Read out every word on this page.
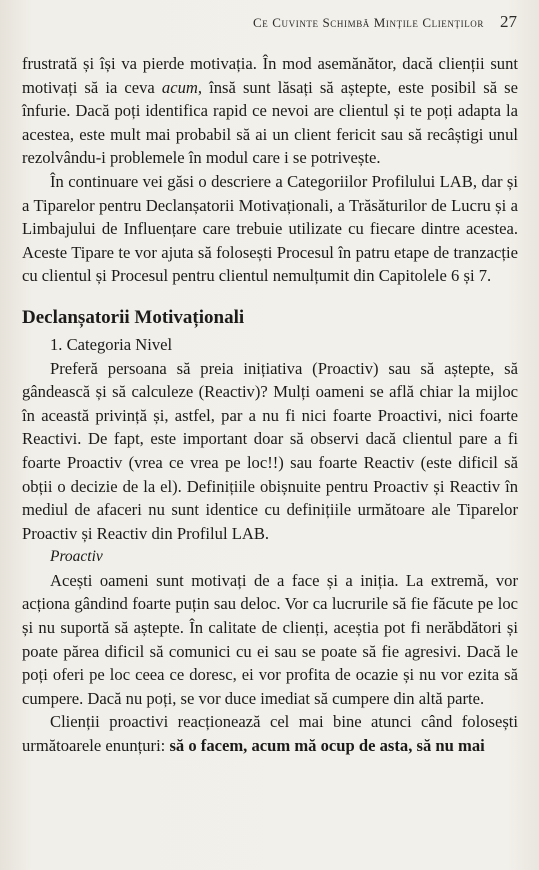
Ce Cuvinte Schimbă Mințile Clienților 27

frustrată și își va pierde motivația. În mod asemănător, dacă clienții sunt motivați să ia ceva acum, însă sunt lăsați să aștepte, este posibil să se înfurie. Dacă poți identifica rapid ce nevoi are clientul și te poți adapta la acestea, este mult mai probabil să ai un client fericit sau să recâștigi unul rezolvându-i problemele în modul care i se potrivește.

În continuare vei găsi o descriere a Categoriilor Profilului LAB, dar și a Tiparelor pentru Declanșatorii Motivaționali, a Trăsăturilor de Lucru și a Limbajului de Influențare care trebuie utilizate cu fiecare dintre acestea. Aceste Tipare te vor ajuta să folosești Procesul în patru etape de tranzacție cu clientul și Procesul pentru clientul nemulțumit din Capitolele 6 și 7.

Declanșatorii Motivaționali

1. Categoria Nivel

Preferă persoana să preia inițiativa (Proactiv) sau să aștepte, să gândească și să calculeze (Reactiv)? Mulți oameni se află chiar la mijloc în această privință și, astfel, par a nu fi nici foarte Proactivi, nici foarte Reactivi. De fapt, este important doar să observi dacă clientul pare a fi foarte Proactiv (vrea ce vrea pe loc!!) sau foarte Reactiv (este dificil să obții o decizie de la el). Definițiile obișnuite pentru Proactiv și Reactiv în mediul de afaceri nu sunt identice cu definițiile următoare ale Tiparelor Proactiv și Reactiv din Profilul LAB.

Proactiv

Acești oameni sunt motivați de a face și a iniția. La extremă, vor acționa gândind foarte puțin sau deloc. Vor ca lucrurile să fie făcute pe loc și nu suportă să aștepte. În calitate de clienți, aceștia pot fi nerăbdători și poate părea dificil să comunici cu ei sau se poate să fie agresivi. Dacă le poți oferi pe loc ceea ce doresc, ei vor profita de ocazie și nu vor ezita să cumpere. Dacă nu poți, se vor duce imediat să cumpere din altă parte.

Clienții proactivi reacționează cel mai bine atunci când folosești următoarele enunțuri: să o facem, acum mă ocup de asta, să nu mai
